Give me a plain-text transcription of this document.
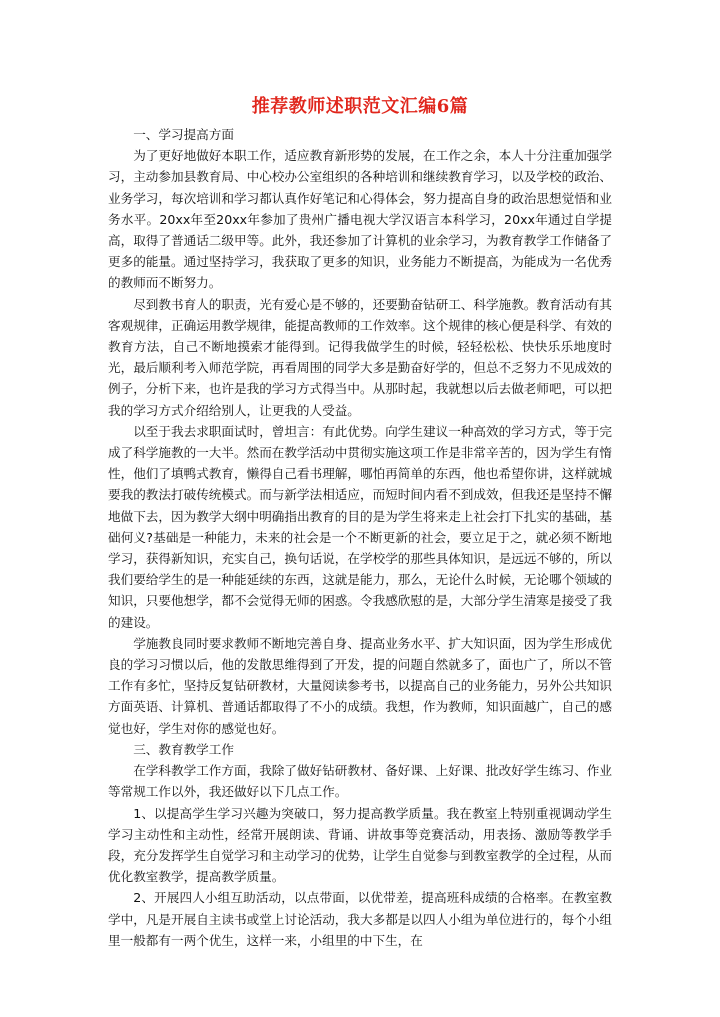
推荐教师述职范文汇编6篇

一、学习提高方面

为了更好地做好本职工作，适应教育新形势的发展，在工作之余，本人十分注重加强学习，主动参加县教育局、中心校办公室组织的各种培训和继续教育学习，以及学校的政治、业务学习，每次培训和学习都认真作好笔记和心得体会，努力提高自身的政治思想觉悟和业务水平。20xx年至20xx年参加了贵州广播电视大学汉语言本科学习，20xx年通过自学提高，取得了普通话二级甲等。此外，我还参加了计算机的业余学习，为教育教学工作储备了更多的能量。通过坚持学习，我获取了更多的知识，业务能力不断提高，为能成为一名优秀的教师而不断努力。

尽到教书育人的职责，光有爱心是不够的，还要勤奋钻研工、科学施教。教育活动有其客观规律，正确运用教学规律，能提高教师的工作效率。这个规律的核心便是科学、有效的教育方法，自己不断地摸索才能得到。记得我做学生的时候，轻轻松松、快快乐乐地度时光，最后顺利考入师范学院，再看周围的同学大多是勤奋好学的，但总不乏努力不见成效的例子，分析下来，也许是我的学习方式得当中。从那时起，我就想以后去做老师吧，可以把我的学习方式介绍给别人，让更我的人受益。

以至于我去求职面试时，曾坦言：有此优势。向学生建议一种高效的学习方式，等于完成了科学施教的一大半。然而在教学活动中贯彻实施这项工作是非常辛苦的，因为学生有惰性，他们了填鸭式教育，懒得自己看书理解，哪怕再简单的东西，他也希望你讲，这样就城要我的教法打破传统模式。而与新学法相适应，而短时间内看不到成效，但我还是坚持不懈地做下去，因为教学大纲中明确指出教育的目的是为学生将来走上社会打下扎实的基础，基础何义?基础是一种能力，未来的社会是一个不断更新的社会，要立足于之，就必须不断地学习，获得新知识，充实自己，换句话说，在学校学的那些具体知识，是远远不够的，所以我们要给学生的是一种能延续的东西，这就是能力，那么，无论什么时候，无论哪个领域的知识，只要他想学，都不会觉得无师的困惑。令我感欣慰的是，大部分学生清寒是接受了我的建设。

学施教良同时要求教师不断地完善自身、提高业务水平、扩大知识面，因为学生形成优良的学习习惯以后，他的发散思维得到了开发，提的问题自然就多了，面也广了，所以不管工作有多忙，坚持反复钻研教材，大量阅读参考书，以提高自己的业务能力，另外公共知识方面英语、计算机、普通话都取得了不小的成绩。我想，作为教师，知识面越广，自己的感觉也好，学生对你的感觉也好。

三、教育教学工作

在学科教学工作方面，我除了做好钻研教材、备好课、上好课、批改好学生练习、作业等常规工作以外，我还做好以下几点工作。

1、以提高学生学习兴趣为突破口，努力提高教学质量。我在教室上特别重视调动学生学习主动性和主动性，经常开展朗读、背诵、讲故事等竞赛活动，用表扬、激励等教学手段，充分发挥学生自觉学习和主动学习的优势，让学生自觉参与到教室教学的全过程，从而优化教室教学，提高教学质量。

2、开展四人小组互助活动，以点带面，以优带差，提高班科成绩的合格率。在教室教学中，凡是开展自主读书或堂上讨论活动，我大多都是以四人小组为单位进行的，每个小组里一般都有一两个优生，这样一来，小组里的中下生，在
